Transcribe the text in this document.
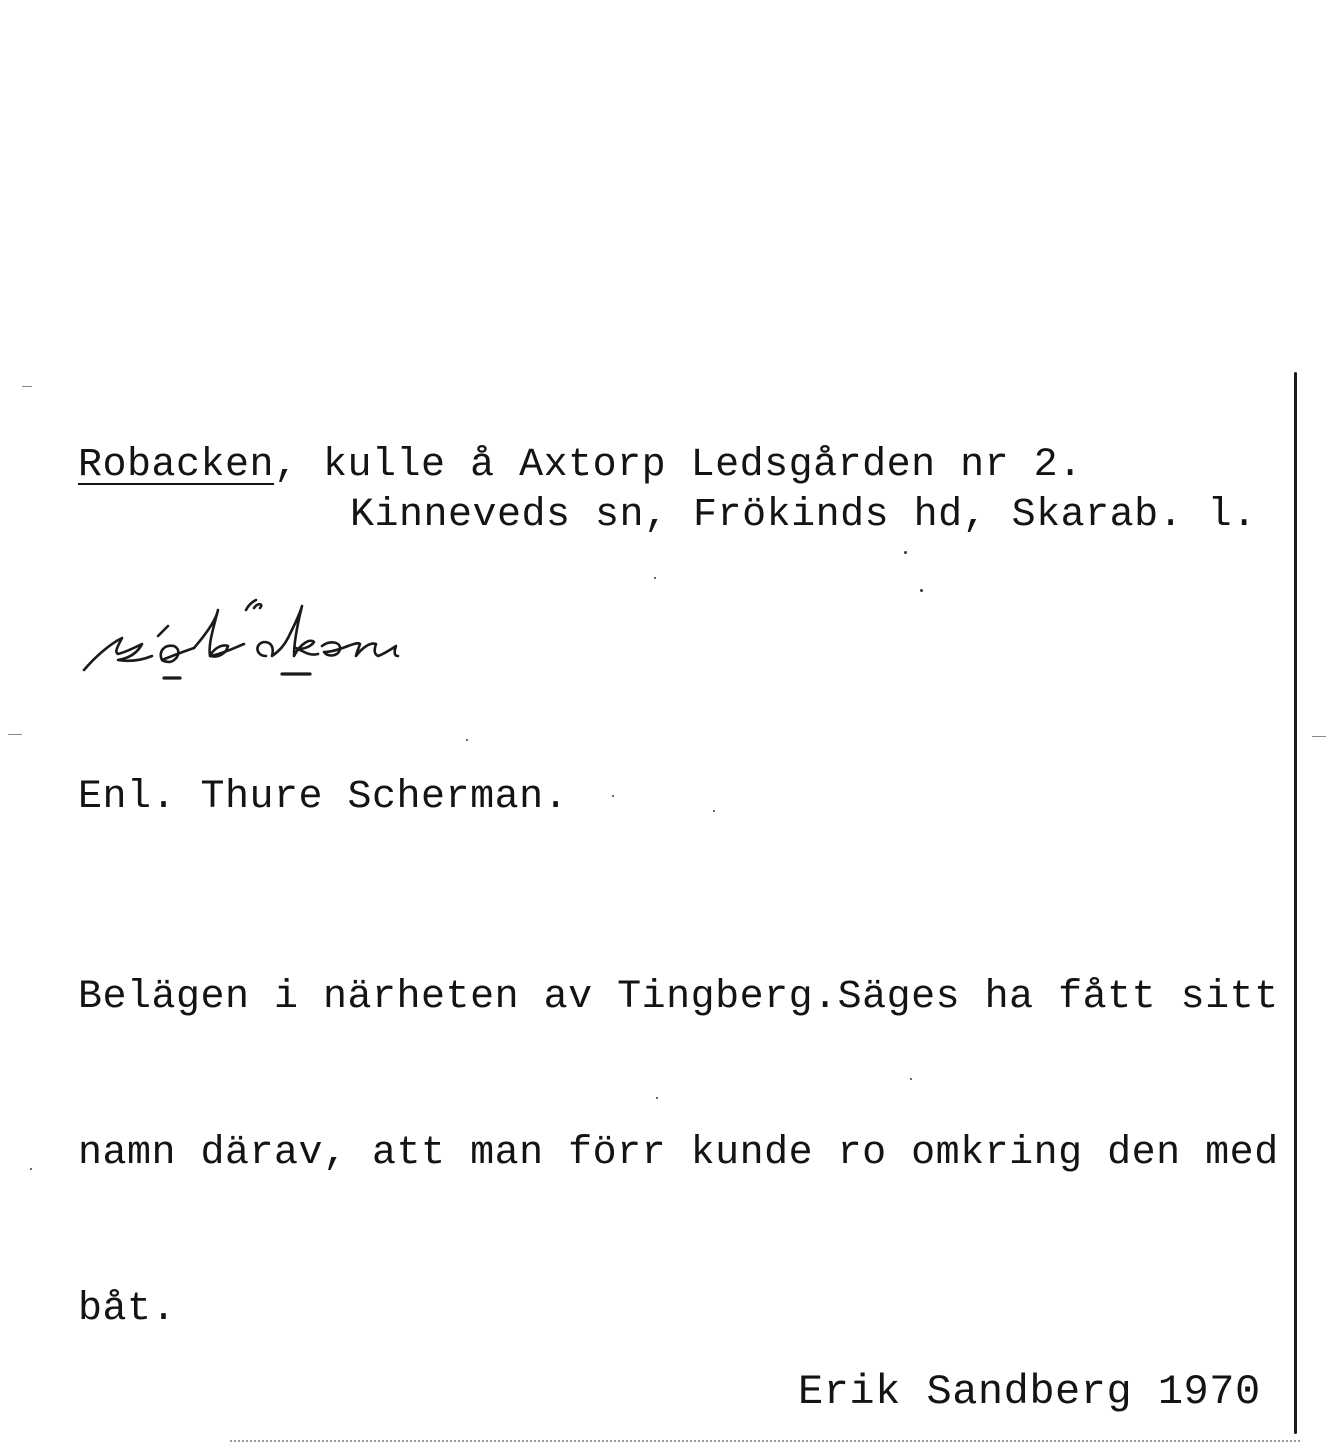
Robacken, kulle å Axtorp Ledsgården nr 2.
Kinneveds sn, Frökinds hd, Skarab. l.
Enl. Thure Scherman.

Belägen i närheten av Tingberg.Säges ha fått sitt

namn därav, att man förr kunde ro omkring den med

båt.

Erik Sandberg 1970
